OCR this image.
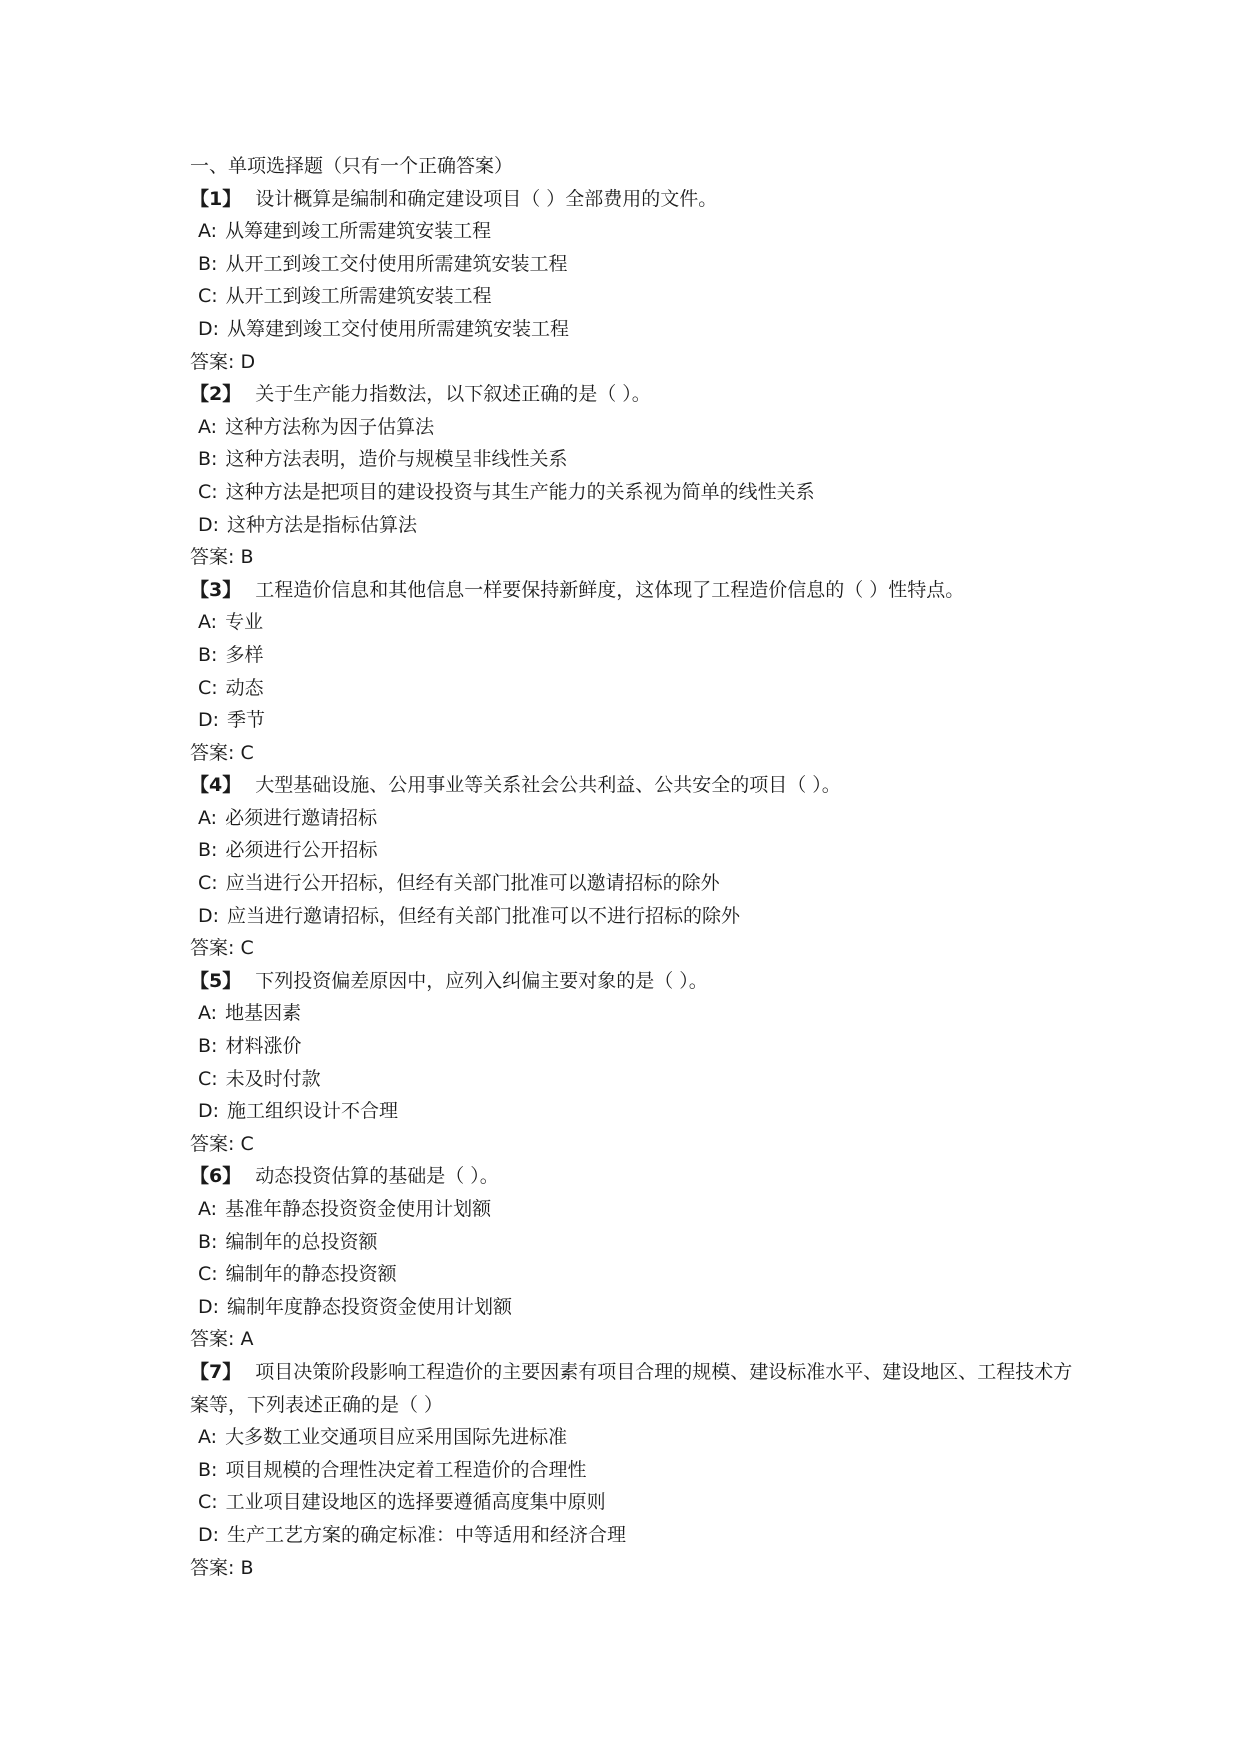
一、单项选择题（只有一个正确答案）
【1】 设计概算是编制和确定建设项目（ ）全部费用的文件。
A: 从筹建到竣工所需建筑安装工程
B: 从开工到竣工交付使用所需建筑安装工程
C: 从开工到竣工所需建筑安装工程
D: 从筹建到竣工交付使用所需建筑安装工程
答案: D
【2】 关于生产能力指数法，以下叙述正确的是（ ）。
A: 这种方法称为因子估算法
B: 这种方法表明，造价与规模呈非线性关系
C: 这种方法是把项目的建设投资与其生产能力的关系视为简单的线性关系
D: 这种方法是指标估算法
答案: B
【3】 工程造价信息和其他信息一样要保持新鲜度，这体现了工程造价信息的（ ）性特点。
A: 专业
B: 多样
C: 动态
D: 季节
答案: C
【4】 大型基础设施、公用事业等关系社会公共利益、公共安全的项目（ ）。
A: 必须进行邀请招标
B: 必须进行公开招标
C: 应当进行公开招标，但经有关部门批准可以邀请招标的除外
D: 应当进行邀请招标，但经有关部门批准可以不进行招标的除外
答案: C
【5】 下列投资偏差原因中，应列入纠偏主要对象的是（ ）。
A: 地基因素
B: 材料涨价
C: 未及时付款
D: 施工组织设计不合理
答案: C
【6】 动态投资估算的基础是（ ）。
A: 基准年静态投资资金使用计划额
B: 编制年的总投资额
C: 编制年的静态投资额
D: 编制年度静态投资资金使用计划额
答案: A
【7】 项目决策阶段影响工程造价的主要因素有项目合理的规模、建设标准水平、建设地区、工程技术方案等，下列表述正确的是（ ）
A: 大多数工业交通项目应采用国际先进标准
B: 项目规模的合理性决定着工程造价的合理性
C: 工业项目建设地区的选择要遵循高度集中原则
D: 生产工艺方案的确定标准：中等适用和经济合理
答案: B
